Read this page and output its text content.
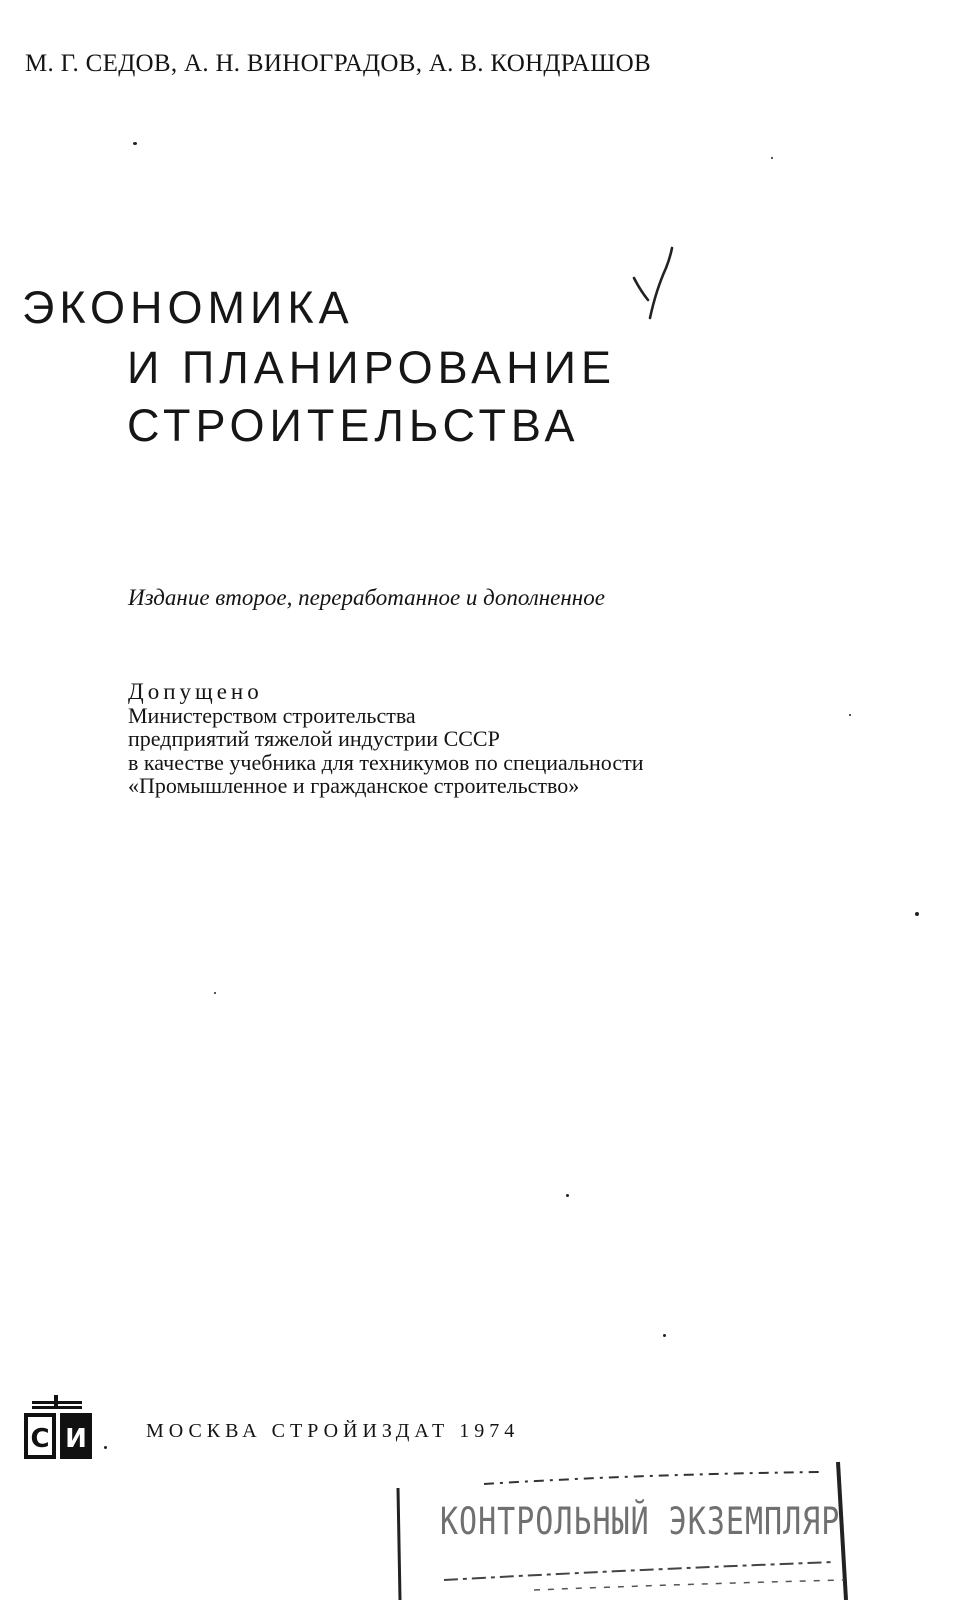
М. Г. СЕДОВ, А. Н. ВИНОГРАДОВ, А. В. КОНДРАШОВ
ЭКОНОМИКА
И ПЛАНИРОВАНИЕ
СТРОИТЕЛЬСТВА
Издание второе, переработанное и дополненное
Допущено
Министерством строительства
предприятий тяжелой индустрии СССР
в качестве учебника для техникумов по специальности
«Промышленное и гражданское строительство»
С И	МОСКВА СТРОЙИЗДАТ 1974
КОНТРОЛЬНЫЙ ЭКЗЕМПЛЯР
